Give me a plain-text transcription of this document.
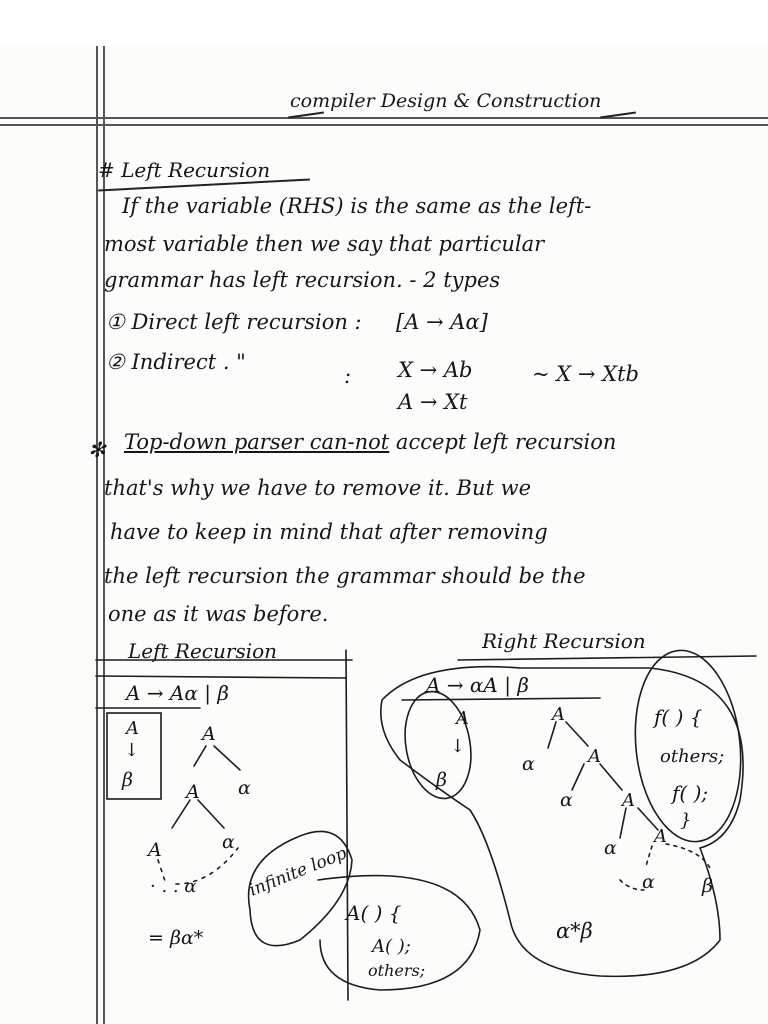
compiler Design & Construction
# Left Recursion
If the variable (RHS) is the same as the left-
most variable then we say that particular
grammar has left recursion. - 2 types
① Direct left recursion : [A → Aα]
② Indirect . "
: X → Ab
A → Xt
~ X → Xtb
✻ Top-down parser can-not accept left recursion
that's why we have to remove it. But we
have to keep in mind that after removing
the left recursion the grammar should be the
one as it was before.
Left Recursion
A → Aα | β
A
↓
β
A
A α
α
A
· . . α
= βα*
infinite loop
A( ) {
A( );
others;
Right Recursion
A → αA | β
A
↓
β
A
α	A
α	A
α
A
α β
α*β
f( ) {
others;
f( );
}
